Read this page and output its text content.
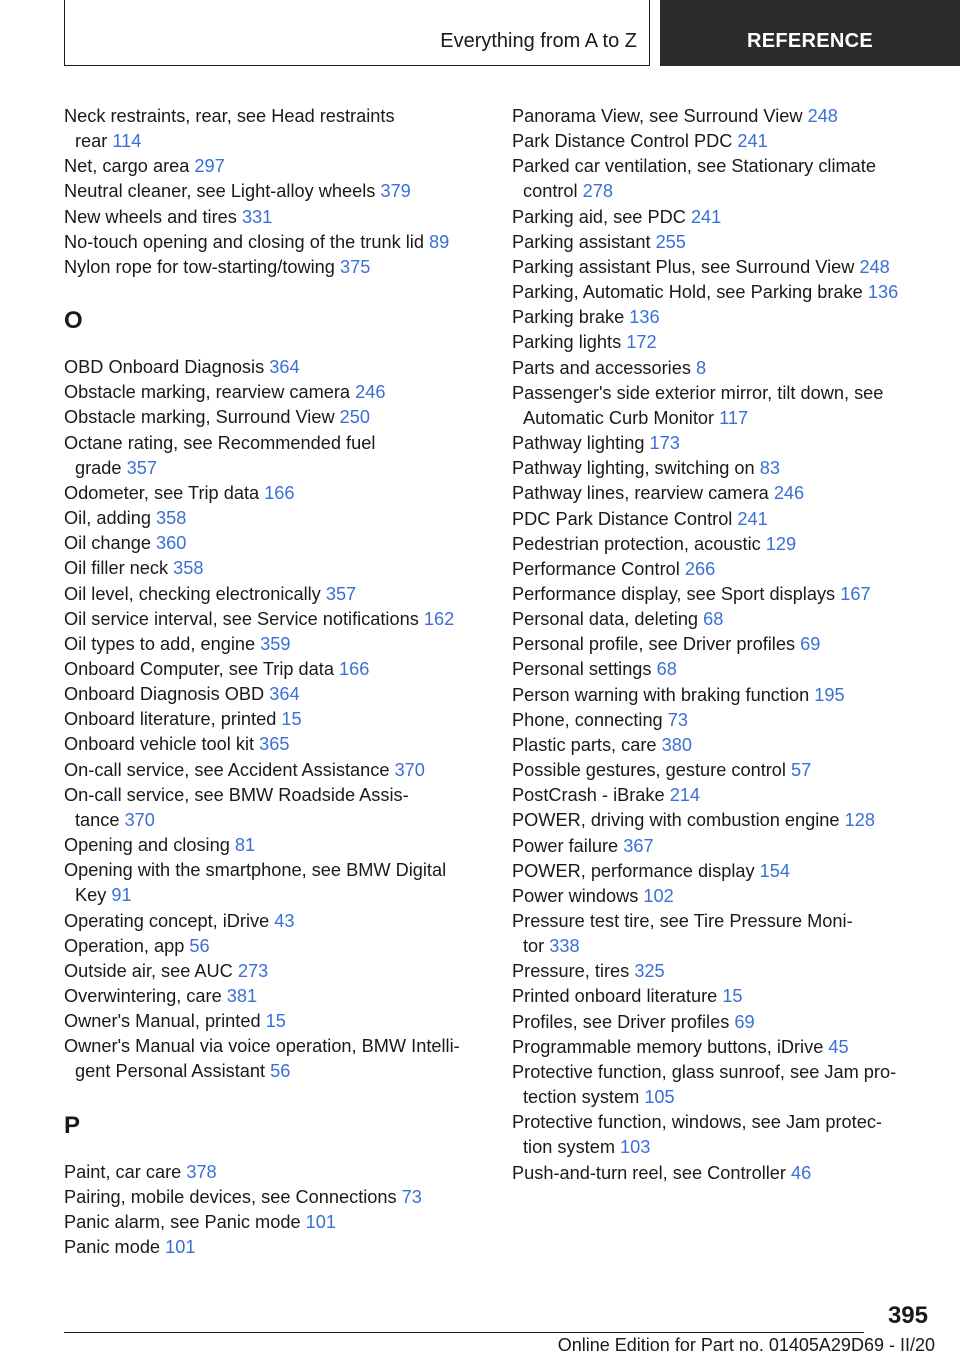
Everything from A to Z	REFERENCE
Neck restraints, rear, see Head restraints
rear 114
Net, cargo area 297
Neutral cleaner, see Light-alloy wheels 379
New wheels and tires 331
No-touch opening and closing of the trunk lid 89
Nylon rope for tow-starting/towing 375
O
OBD Onboard Diagnosis 364
Obstacle marking, rearview camera 246
Obstacle marking, Surround View 250
Octane rating, see Recommended fuel
grade 357
Odometer, see Trip data 166
Oil, adding 358
Oil change 360
Oil filler neck 358
Oil level, checking electronically 357
Oil service interval, see Service notifications 162
Oil types to add, engine 359
Onboard Computer, see Trip data 166
Onboard Diagnosis OBD 364
Onboard literature, printed 15
Onboard vehicle tool kit 365
On-call service, see Accident Assistance 370
On-call service, see BMW Roadside Assis-
tance 370
Opening and closing 81
Opening with the smartphone, see BMW Digital
Key 91
Operating concept, iDrive 43
Operation, app 56
Outside air, see AUC 273
Overwintering, care 381
Owner's Manual, printed 15
Owner's Manual via voice operation, BMW Intelli-
gent Personal Assistant 56
P
Paint, car care 378
Pairing, mobile devices, see Connections 73
Panic alarm, see Panic mode 101
Panic mode 101
Panorama View, see Surround View 248
Park Distance Control PDC 241
Parked car ventilation, see Stationary climate
control 278
Parking aid, see PDC 241
Parking assistant 255
Parking assistant Plus, see Surround View 248
Parking, Automatic Hold, see Parking brake 136
Parking brake 136
Parking lights 172
Parts and accessories 8
Passenger's side exterior mirror, tilt down, see
Automatic Curb Monitor 117
Pathway lighting 173
Pathway lighting, switching on 83
Pathway lines, rearview camera 246
PDC Park Distance Control 241
Pedestrian protection, acoustic 129
Performance Control 266
Performance display, see Sport displays 167
Personal data, deleting 68
Personal profile, see Driver profiles 69
Personal settings 68
Person warning with braking function 195
Phone, connecting 73
Plastic parts, care 380
Possible gestures, gesture control 57
PostCrash - iBrake 214
POWER, driving with combustion engine 128
Power failure 367
POWER, performance display 154
Power windows 102
Pressure test tire, see Tire Pressure Moni-
tor 338
Pressure, tires 325
Printed onboard literature 15
Profiles, see Driver profiles 69
Programmable memory buttons, iDrive 45
Protective function, glass sunroof, see Jam pro-
tection system 105
Protective function, windows, see Jam protec-
tion system 103
Push-and-turn reel, see Controller 46
395
Online Edition for Part no. 01405A29D69 - II/20
